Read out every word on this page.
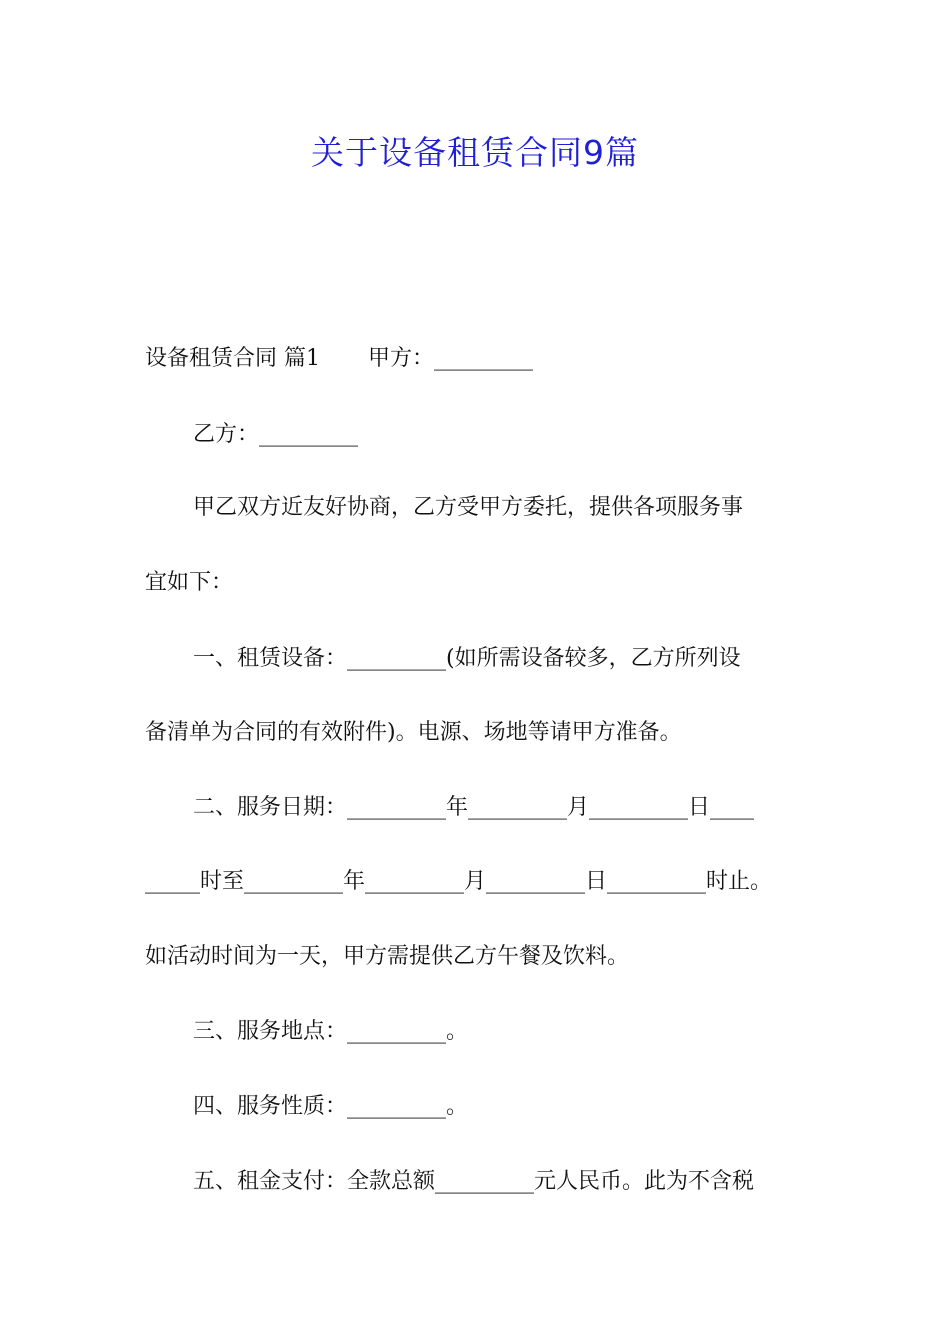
关于设备租赁合同9篇
设备租赁合同 篇1 甲方：_________
乙方：_________
甲乙双方近友好协商，乙方受甲方委托，提供各项服务事
宜如下：
一、租赁设备：_________(如所需设备较多，乙方所列设
备清单为合同的有效附件)。电源、场地等请甲方准备。
二、服务日期：_________年_________月_________日____
_____时至_________年_________月_________日_________时止。
如活动时间为一天，甲方需提供乙方午餐及饮料。
三、服务地点：_________。
四、服务性质：_________。
五、租金支付：全款总额_________元人民币。此为不含税
